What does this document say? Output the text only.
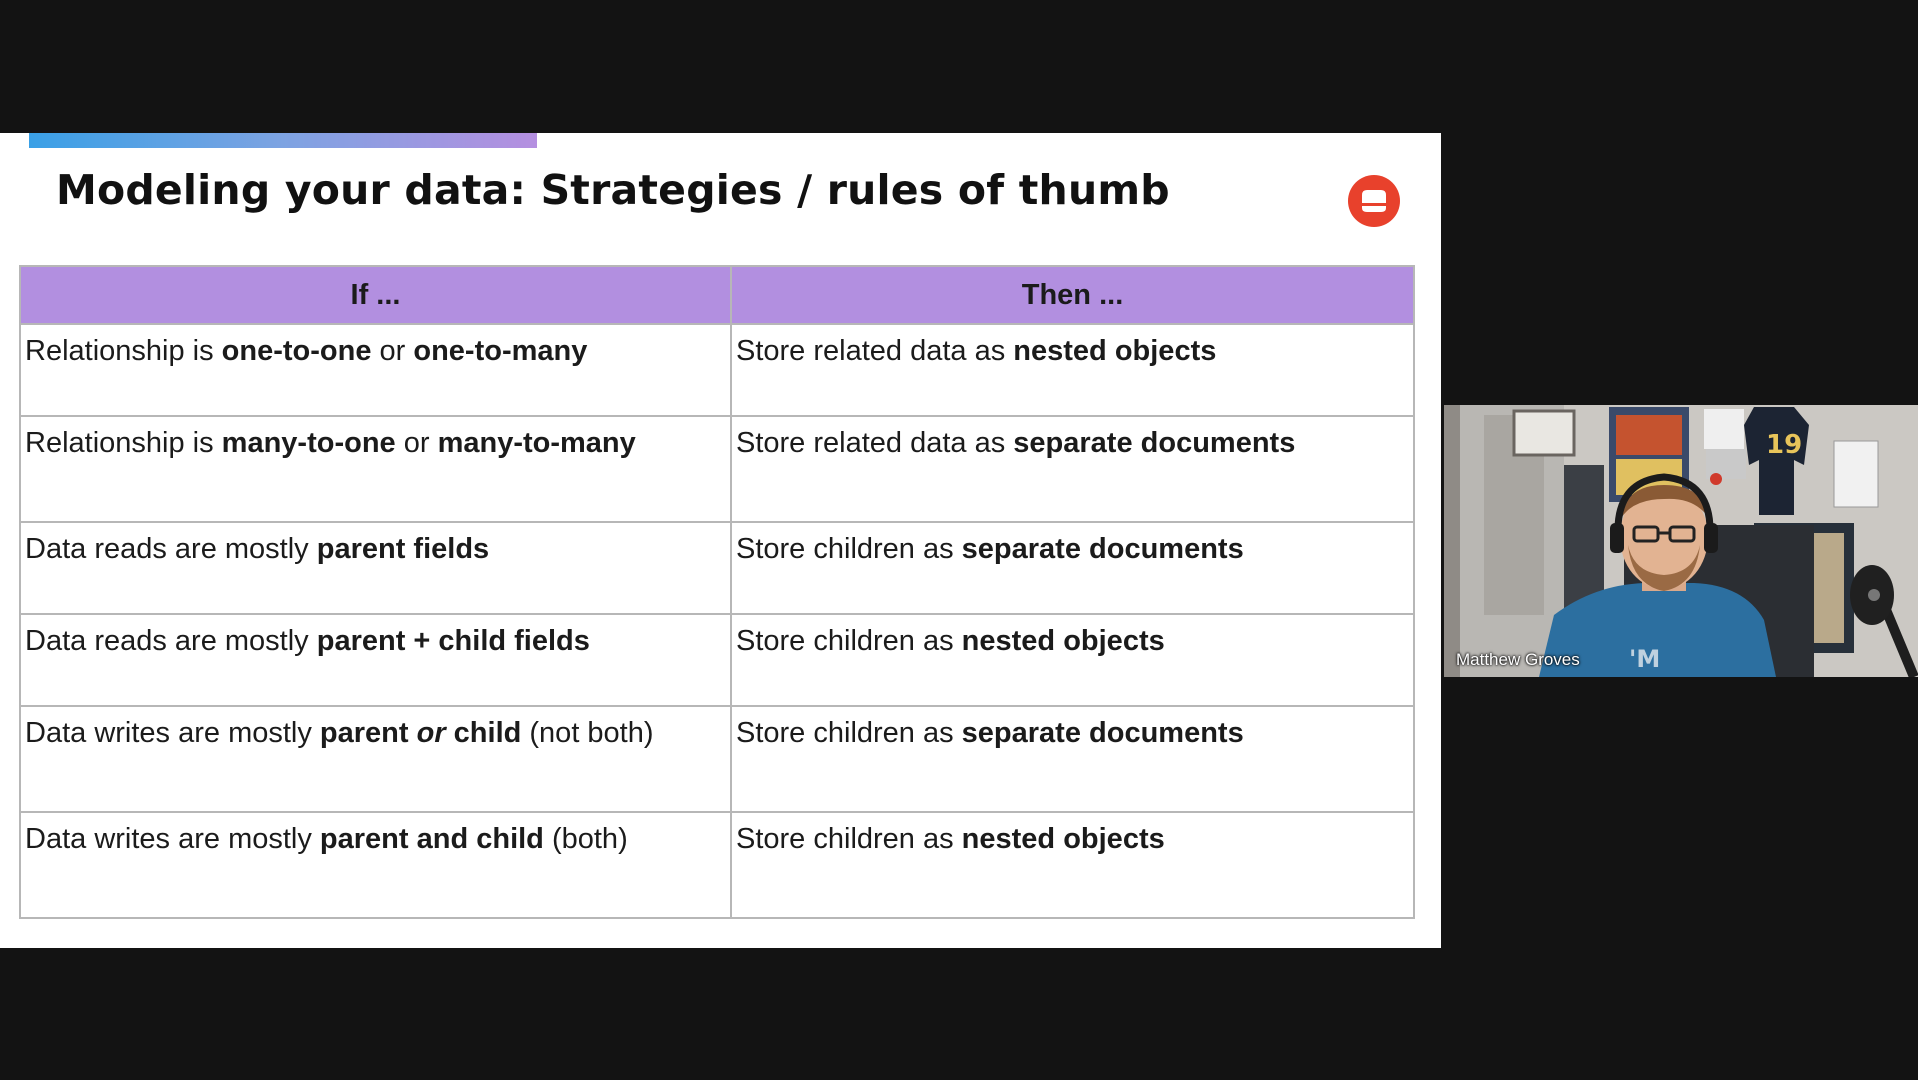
Modeling your data: Strategies / rules of thumb
If ...	Then ...
Relationship is one-to-one or one-to-many	Store related data as nested objects
Relationship is many-to-one or many-to-many	Store related data as separate documents
Data reads are mostly parent fields	Store children as separate documents
Data reads are mostly parent + child fields	Store children as nested objects
Data writes are mostly parent or child (not both)	Store children as separate documents
Data writes are mostly parent and child (both)	Store children as nested objects
19
'M
Matthew Groves
